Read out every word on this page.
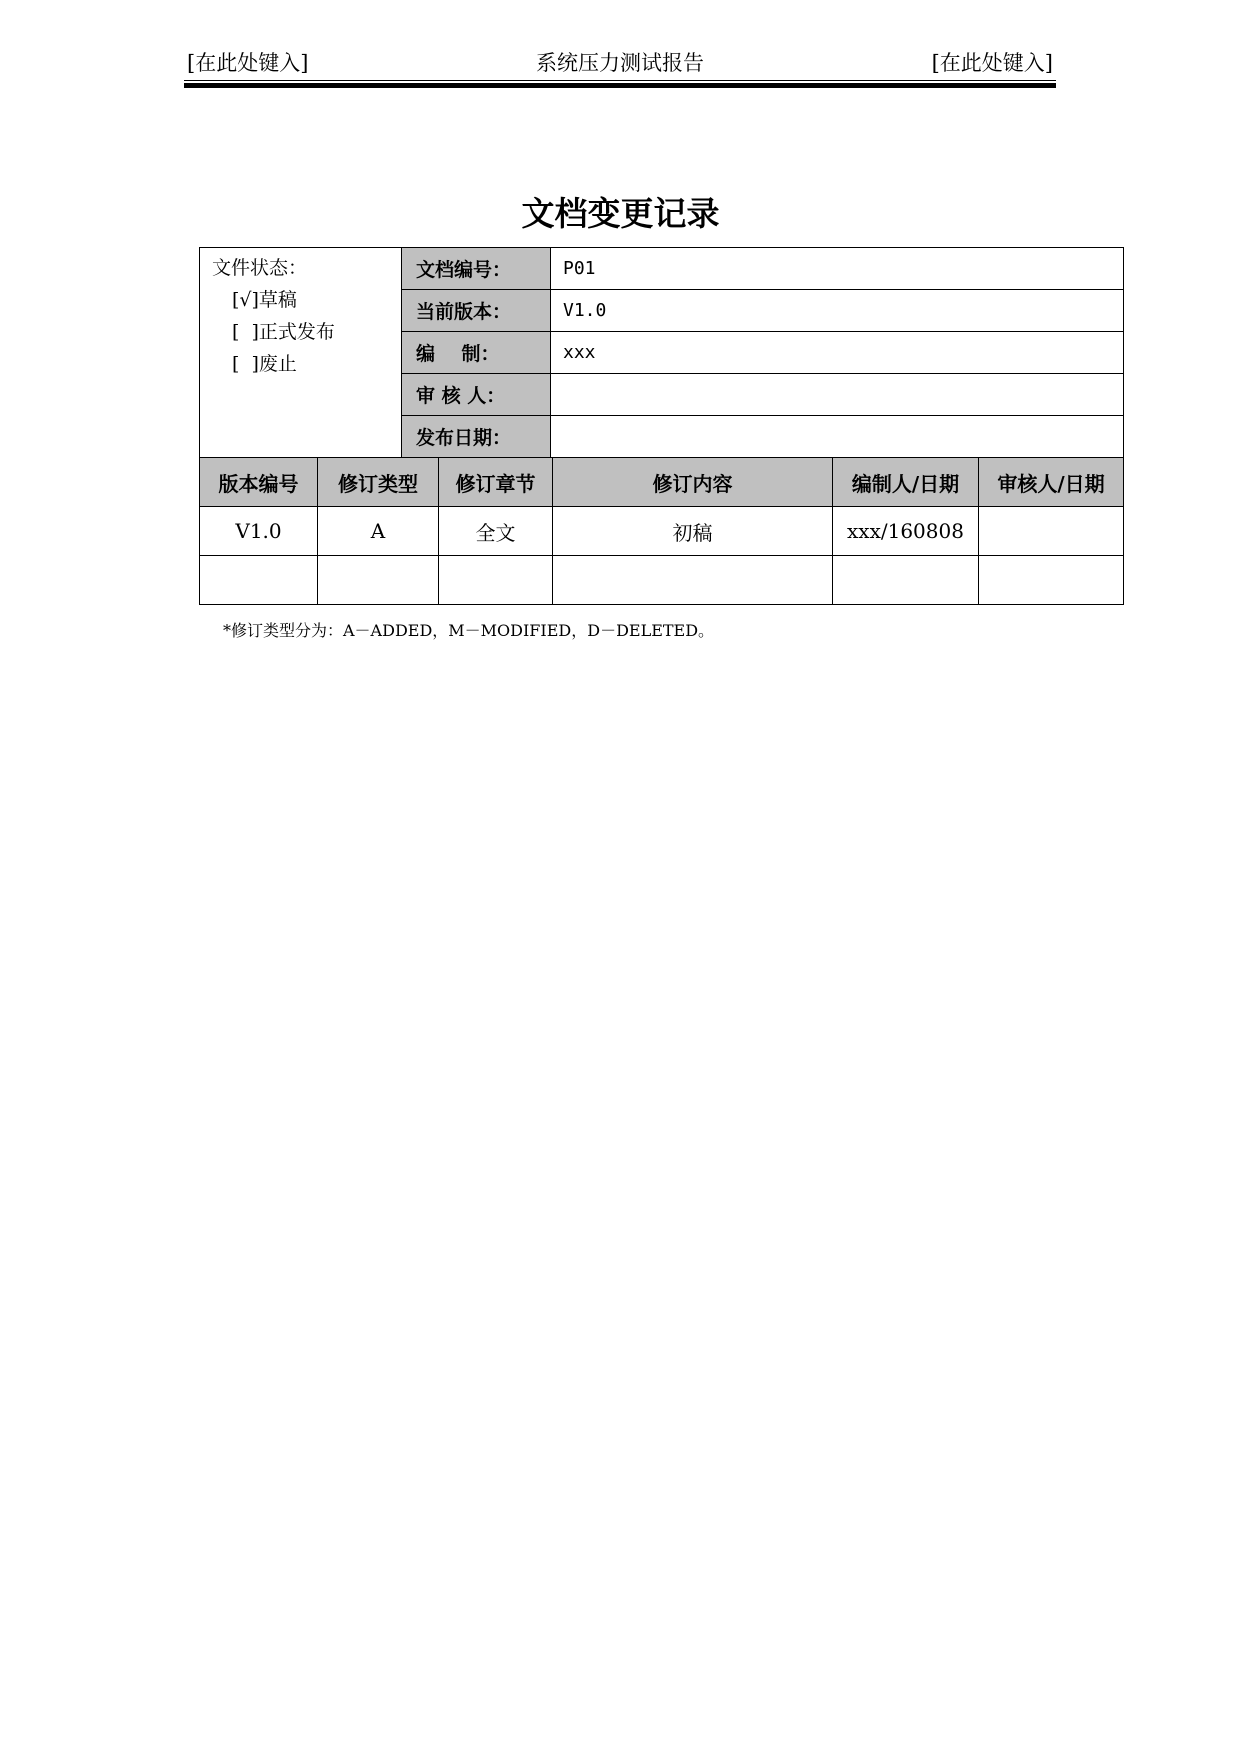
系统压力测试报告
[在此处键入]	[在此处键入]
文档变更记录
文件状态：
[√]草稿
[  ]正式发布
[  ]废止	文档编号：	P01
	当前版本：	V1.0
	编    制：	xxx
	审 核 人：	
	发布日期：	
版本编号	修订类型	修订章节	修订内容	编制人/日期	审核人/日期
V1.0	A	全文	初稿	xxx/160808	

*修订类型分为：A－ADDED，M－MODIFIED，D－DELETED。
